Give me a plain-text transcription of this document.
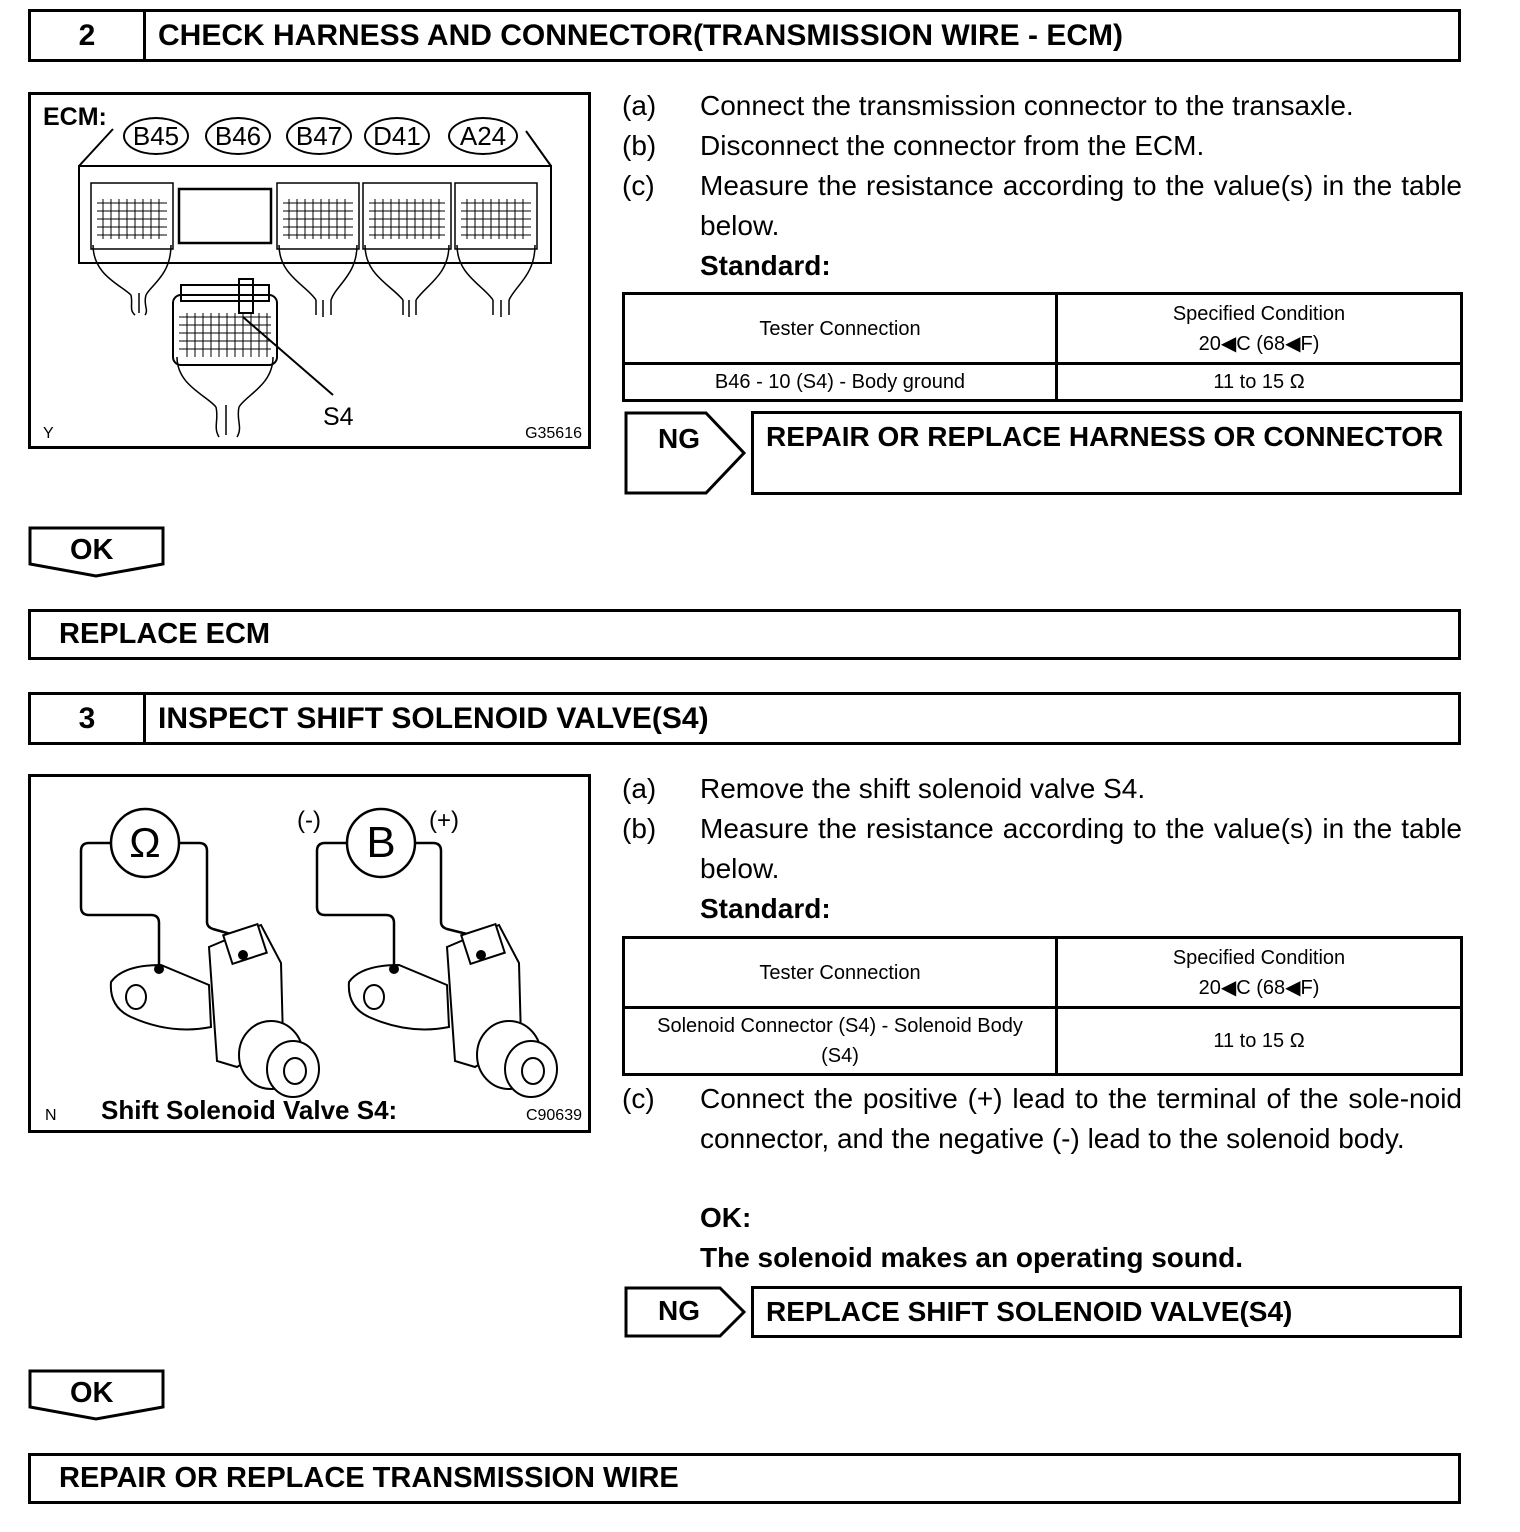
2	CHECK HARNESS AND CONNECTOR(TRANSMISSION WIRE - ECM)
ECM:
B45	B46	B47	D41	A24
S4
Y	G35616
(a) Connect the transmission connector to the transaxle.
(b) Disconnect the connector from the ECM.
(c) Measure the resistance according to the value(s) in the table below.
Standard:
Tester Connection	Specified Condition
20◀C (68◀F)

B46 - 10 (S4) - Body ground	11 to 15 Ω
NG	REPAIR OR REPLACE HARNESS OR CONNECTOR
OK
REPLACE ECM
3	INSPECT SHIFT SOLENOID VALVE(S4)
Ω	B
(-)	(+)
N Shift Solenoid Valve S4:	C90639
(a) Remove the shift solenoid valve S4.
(b) Measure the resistance according to the value(s) in the table below.
Standard:
Tester Connection	Specified Condition
20◀C (68◀F)

Solenoid Connector (S4) - Solenoid Body (S4)	11 to 15 Ω
(c) Connect the positive (+) lead to the terminal of the sole-noid connector, and the negative (-) lead to the solenoid body.
OK:
The solenoid makes an operating sound.
NG	REPLACE SHIFT SOLENOID VALVE(S4)
OK
REPAIR OR REPLACE TRANSMISSION WIRE
